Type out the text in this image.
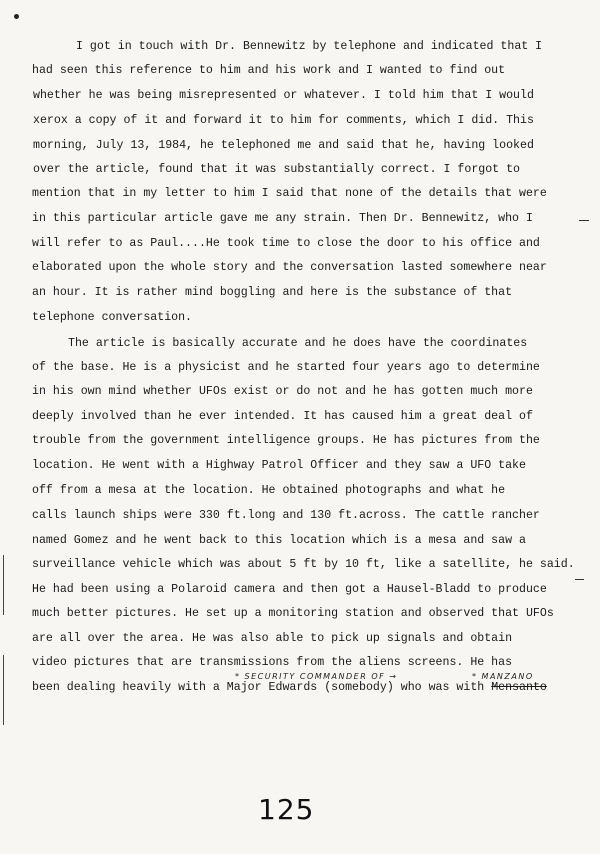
I got in touch with Dr. Bennewitz by telephone and indicated that I
had seen this reference to him and his work and I wanted to find out
whether he was being misrepresented or whatever. I told him that I would
xerox a copy of it and forward it to him for comments, which I did. This
morning, July 13, 1984, he telephoned me and said that he, having looked
over the article, found that it was substantially correct. I forgot to
mention that in my letter to him I said that none of the details that were
in this particular article gave me any strain. Then Dr. Bennewitz, who I
will refer to as Paul....He took time to close the door to his office and
elaborated upon the whole story and the conversation lasted somewhere near
an hour. It is rather mind boggling and here is the substance of that
telephone conversation.
The article is basically accurate and he does have the coordinates
of the base. He is a physicist and he started four years ago to determine
in his own mind whether UFOs exist or do not and he has gotten much more
deeply involved than he ever intended. It has caused him a great deal of
trouble from the government intelligence groups. He has pictures from the
location. He went with a Highway Patrol Officer and they saw a UFO take
off from a mesa at the location. He obtained photographs and what he
calls launch ships were 330 ft.long and 130 ft.across. The cattle rancher
named Gomez and he went back to this location which is a mesa and saw a
surveillance vehicle which was about 5 ft by 10 ft, like a satellite, he said.
He had been using a Polaroid camera and then got a Hausel-Bladd to produce
much better pictures. He set up a monitoring station and observed that UFOs
are all over the area. He was also able to pick up signals and obtain
video pictures that are transmissions from the aliens screens. He has
been dealing heavily with a Major Edwards (somebody) who was with Mensanto
* SECURITY COMMANDER OF →	* MANZANO
125
